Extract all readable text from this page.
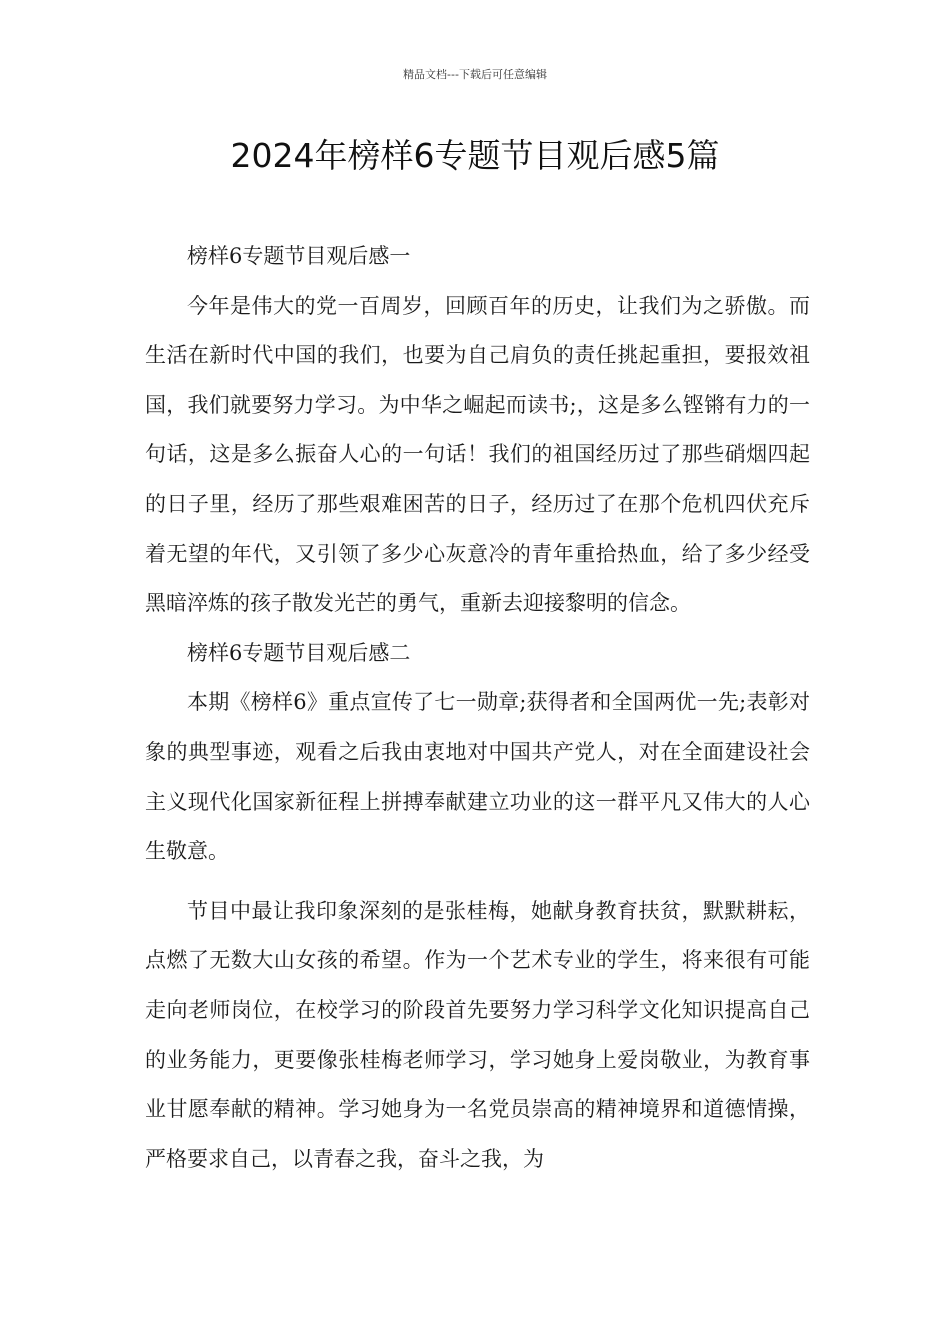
精品文档---下载后可任意编辑
2024年榜样6专题节目观后感5篇

榜样6专题节目观后感一

今年是伟大的党一百周岁，回顾百年的历史，让我们为之骄傲。而生活在新时代中国的我们，也要为自己肩负的责任挑起重担，要报效祖国，我们就要努力学习。为中华之崛起而读书;，这是多么铿锵有力的一句话，这是多么振奋人心的一句话！我们的祖国经历过了那些硝烟四起的日子里，经历了那些艰难困苦的日子，经历过了在那个危机四伏充斥着无望的年代，又引领了多少心灰意冷的青年重拾热血，给了多少经受黑暗淬炼的孩子散发光芒的勇气，重新去迎接黎明的信念。

榜样6专题节目观后感二

本期《榜样6》重点宣传了七一勋章;获得者和全国两优一先;表彰对象的典型事迹，观看之后我由衷地对中国共产党人，对在全面建设社会主义现代化国家新征程上拼搏奉献建立功业的这一群平凡又伟大的人心生敬意。

节目中最让我印象深刻的是张桂梅，她献身教育扶贫，默默耕耘，点燃了无数大山女孩的希望。作为一个艺术专业的学生，将来很有可能走向老师岗位，在校学习的阶段首先要努力学习科学文化知识提高自己的业务能力，更要像张桂梅老师学习，学习她身上爱岗敬业，为教育事业甘愿奉献的精神。学习她身为一名党员崇高的精神境界和道德情操，严格要求自己，以青春之我，奋斗之我，为
